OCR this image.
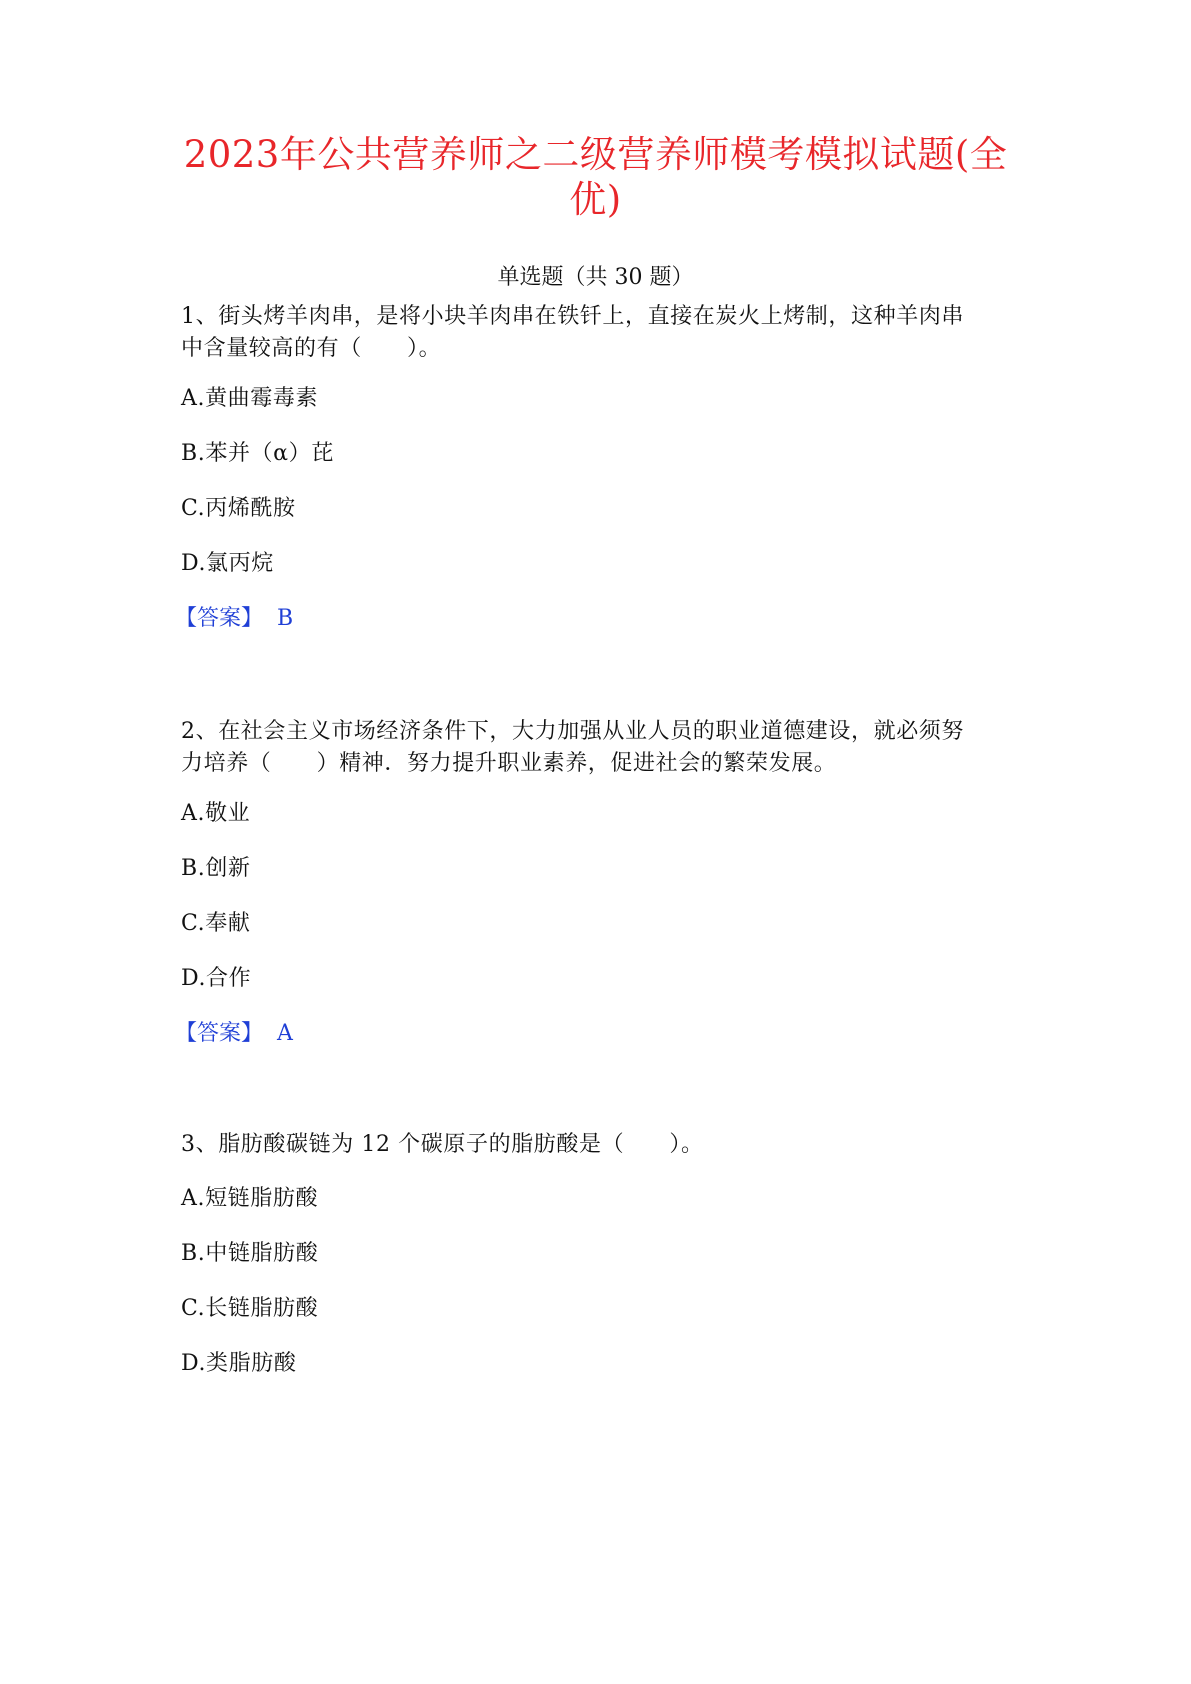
2023年公共营养师之二级营养师模考模拟试题(全
优)
单选题（共 30 题）
1、街头烤羊肉串，是将小块羊肉串在铁钎上，直接在炭火上烤制，这种羊肉串
中含量较高的有（　　）。
A.黄曲霉毒素
B.苯并（α）芘
C.丙烯酰胺
D.氯丙烷
【答案】 B
2、在社会主义市场经济条件下，大力加强从业人员的职业道德建设，就必须努
力培养（　　）精神．努力提升职业素养，促进社会的繁荣发展。
A.敬业
B.创新
C.奉献
D.合作
【答案】 A
3、脂肪酸碳链为 12 个碳原子的脂肪酸是（　　）。
A.短链脂肪酸
B.中链脂肪酸
C.长链脂肪酸
D.类脂肪酸
